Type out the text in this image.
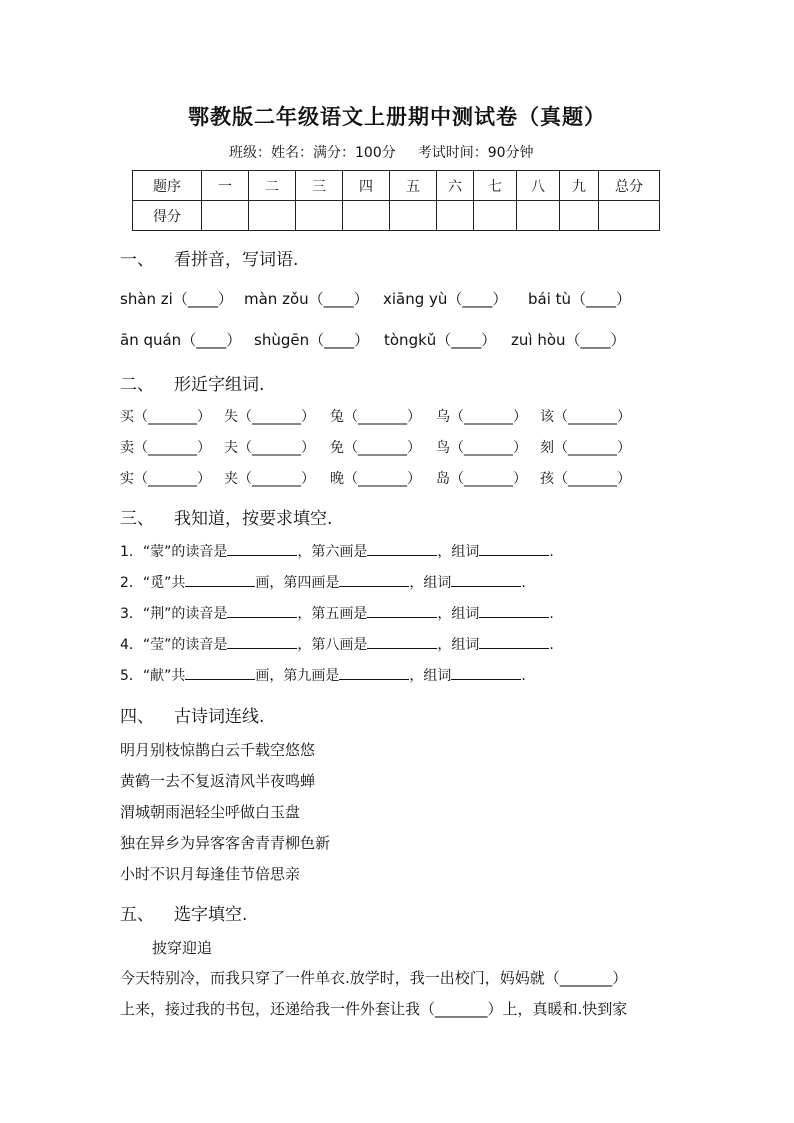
鄂教版二年级语文上册期中测试卷（真题）
班级：姓名：满分：100分 考试时间：90分钟
题序	一	二	三	四	五	六	七	八	九	总分
得分										
一、 看拼音，写词语.
shàn zi（____） màn zǒu（____） xiāng yù（____） bái tù（____）
ān quán（____） shùgēn（____） tòngkǔ（____） zuì hòu（____）
二、 形近字组词.
买（_______） 失（_______） 兔（_______） 乌（_______） 该（_______）
卖（_______） 夫（_______） 免（_______） 鸟（_______） 刻（_______）
实（_______） 夹（_______） 晚（_______） 岛（_______） 孩（_______）
三、 我知道，按要求填空.
1．“蒙”的读音是	，第六画是	，组词	.
2．“觅”共	画，第四画是	，组词	.
3．“荆”的读音是	，第五画是	，组词	.
4．“莹”的读音是	，第八画是	，组词	.
5．“献”共	画，第九画是	，组词	.
四、 古诗词连线.
明月别枝惊鹊白云千载空悠悠
黄鹤一去不复返清风半夜鸣蝉
渭城朝雨浥轻尘呼做白玉盘
独在异乡为异客客舍青青柳色新
小时不识月每逢佳节倍思亲
五、 选字填空.
披穿迎追
今天特别冷，而我只穿了一件单衣.放学时，我一出校门，妈妈就（_______）
上来，接过我的书包，还递给我一件外套让我（_______）上，真暖和.快到家
